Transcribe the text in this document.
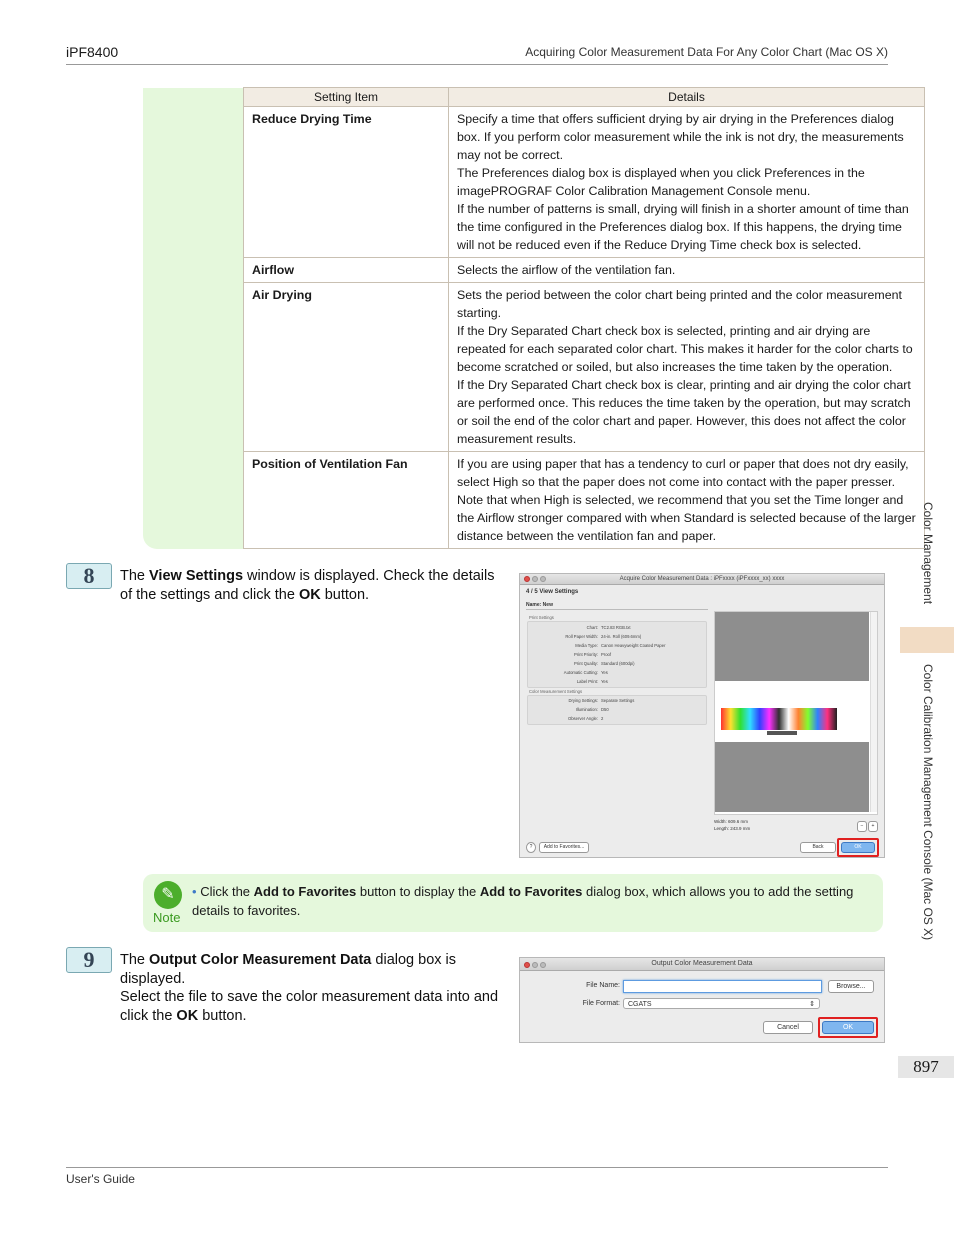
iPF8400	Acquiring Color Measurement Data For Any Color Chart (Mac OS X)
Setting Item	Details
Reduce Drying Time	Specify a time that offers sufficient drying by air drying in the Preferences dialog box. If you perform color measurement while the ink is not dry, the measurements may not be correct.
The Preferences dialog box is displayed when you click Preferences in the imagePROGRAF Color Calibration Management Console menu.
If the number of patterns is small, drying will finish in a shorter amount of time than the time configured in the Preferences dialog box. If this happens, the drying time will not be reduced even if the Reduce Drying Time check box is selected.

Airflow	Selects the airflow of the ventilation fan.

Air Drying	Sets the period between the color chart being printed and the color measurement starting.
If the Dry Separated Chart check box is selected, printing and air drying are repeated for each separated color chart. This makes it harder for the color charts to become scratched or soiled, but also increases the time taken by the operation.
If the Dry Separated Chart check box is clear, printing and air drying the color chart are performed once. This reduces the time taken by the operation, but may scratch or soil the end of the color chart and paper. However, this does not affect the color measurement results.

Position of Ventilation Fan	If you are using paper that has a tendency to curl or paper that does not dry easily, select High so that the paper does not come into contact with the paper presser. Note that when High is selected, we recommend that you set the Time longer and the Airflow stronger compared with when Standard is selected because of the larger distance between the ventilation fan and paper.
8	The View Settings window is displayed. Check the details of the settings and click the OK button.
Acquire Color Measurement Data : iPFxxxx (iPFxxxx_xx) xxxx
4 / 5 View Settings
Name: New
Print Settings
Chart: TC2.83 RGB.txt
Roll Paper Width: 24-in. Roll (609.6mm)
Media Type: Canon Heavyweight Coated Paper
Print Priority: Proof
Print Quality: Standard (600dpi)
Automatic Cutting: Yes
Label Print: Yes
Color Measurement Settings
Drying Settings: Separate Settings
Illumination: D50
Observer Angle: 2
Width: 609.6 mm
Length: 243.9 mm	−	+
?	Add to Favorites...	Back	OK
✎
Note
• Click the Add to Favorites button to display the Add to Favorites dialog box, which allows you to add the setting details to favorites.
9	The Output Color Measurement Data dialog box is displayed.
Select the file to save the color measurement data into and click the OK button.
Output Color Measurement Data
File Name:	Browse...
File Format:	CGATS	⇕
Cancel	OK
Color Management
Color Calibration Management Console (Mac OS X)
897
User's Guide
